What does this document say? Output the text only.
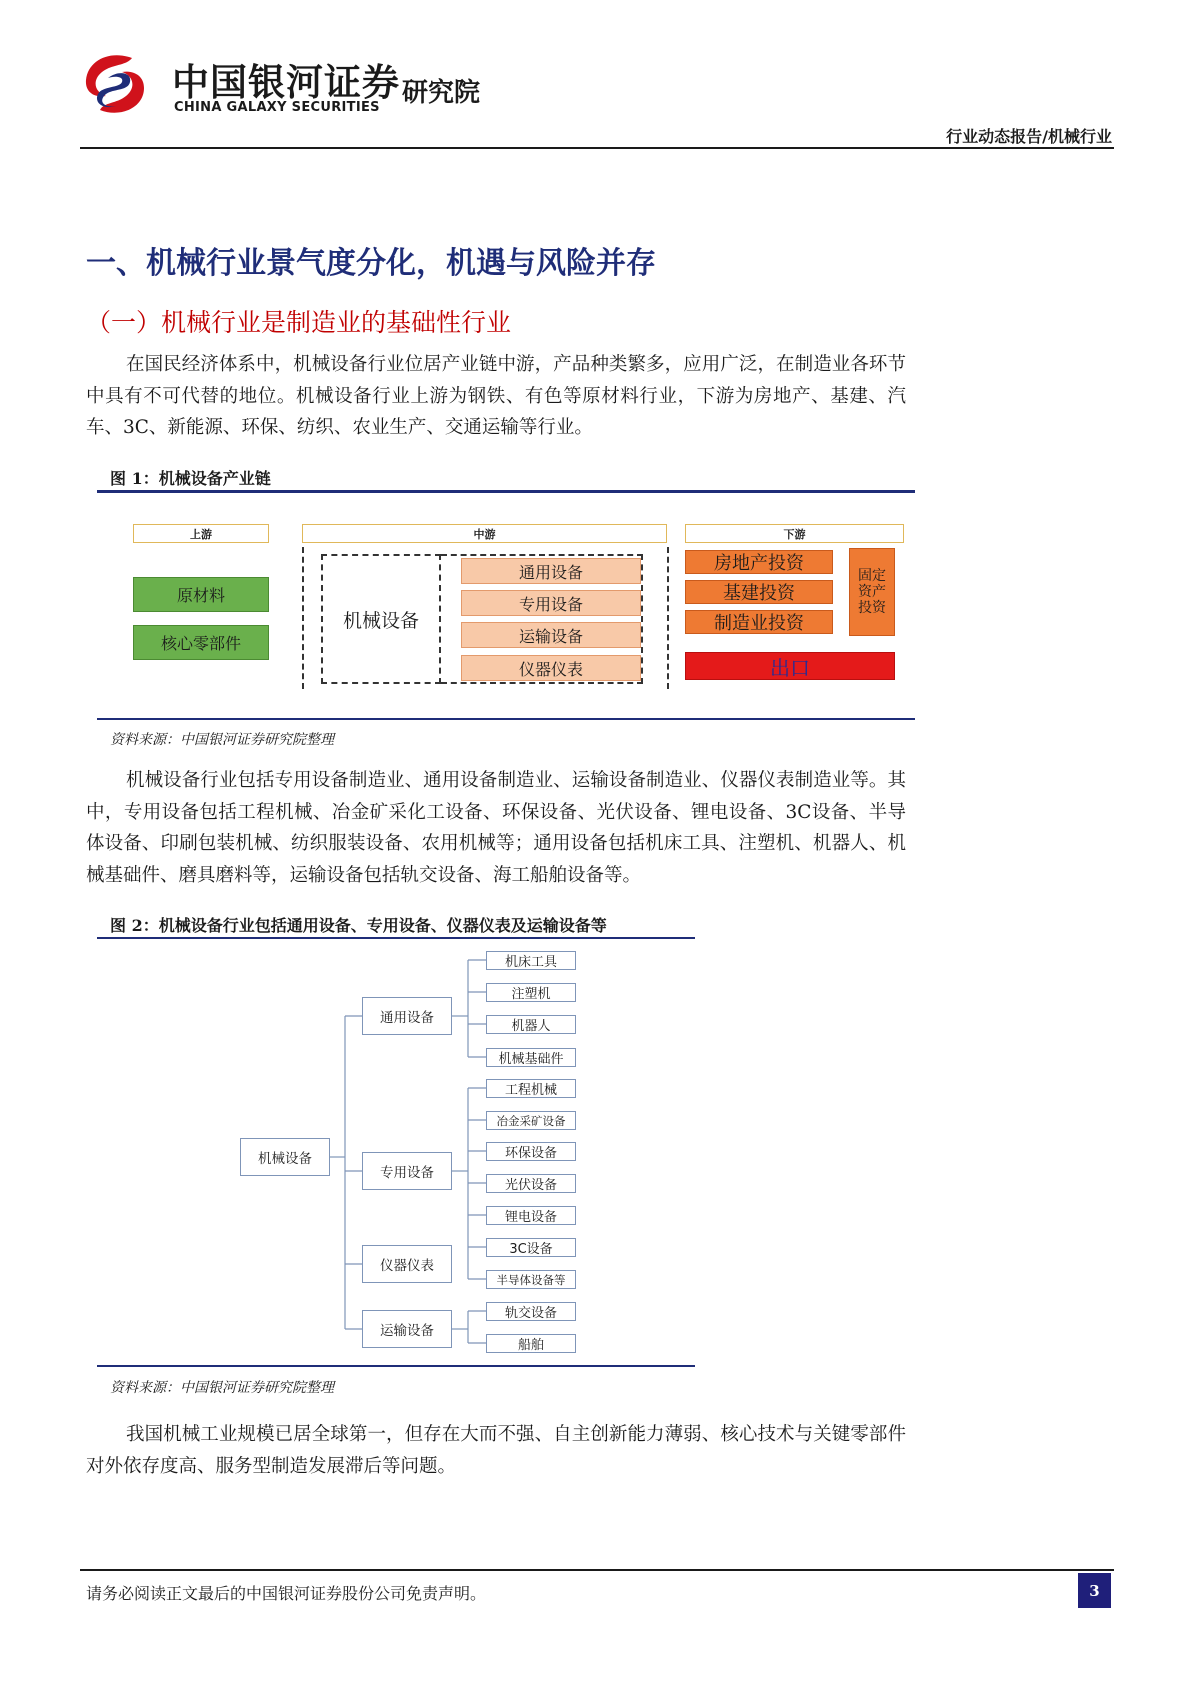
中国银河证券
CHINA GALAXY SECURITIES 研究院
行业动态报告/机械行业
一、机械行业景气度分化，机遇与风险并存
（一）机械行业是制造业的基础性行业
在国民经济体系中，机械设备行业位居产业链中游，产品种类繁多，应用广泛，在制造业各环节中具有不可代替的地位。机械设备行业上游为钢铁、有色等原材料行业，下游为房地产、基建、汽车、3C、新能源、环保、纺织、农业生产、交通运输等行业。
图 1：机械设备产业链
上游	中游	下游
原材料
核心零部件
机械设备
通用设备
专用设备
运输设备
仪器仪表
房地产投资
基建投资
制造业投资
固定资产投资
出口
资料来源：中国银河证券研究院整理
机械设备行业包括专用设备制造业、通用设备制造业、运输设备制造业、仪器仪表制造业等。其中，专用设备包括工程机械、冶金矿采化工设备、环保设备、光伏设备、锂电设备、3C设备、半导体设备、印刷包装机械、纺织服装设备、农用机械等；通用设备包括机床工具、注塑机、机器人、机械基础件、磨具磨料等，运输设备包括轨交设备、海工船舶设备等。
图 2：机械设备行业包括通用设备、专用设备、仪器仪表及运输设备等
机械设备
通用设备
专用设备
仪器仪表
运输设备
机床工具
注塑机
机器人
机械基础件
工程机械
冶金采矿设备
环保设备
光伏设备
锂电设备
3C设备
半导体设备等
轨交设备
船舶
资料来源：中国银河证券研究院整理
我国机械工业规模已居全球第一，但存在大而不强、自主创新能力薄弱、核心技术与关键零部件对外依存度高、服务型制造发展滞后等问题。
请务必阅读正文最后的中国银河证券股份公司免责声明。	3
